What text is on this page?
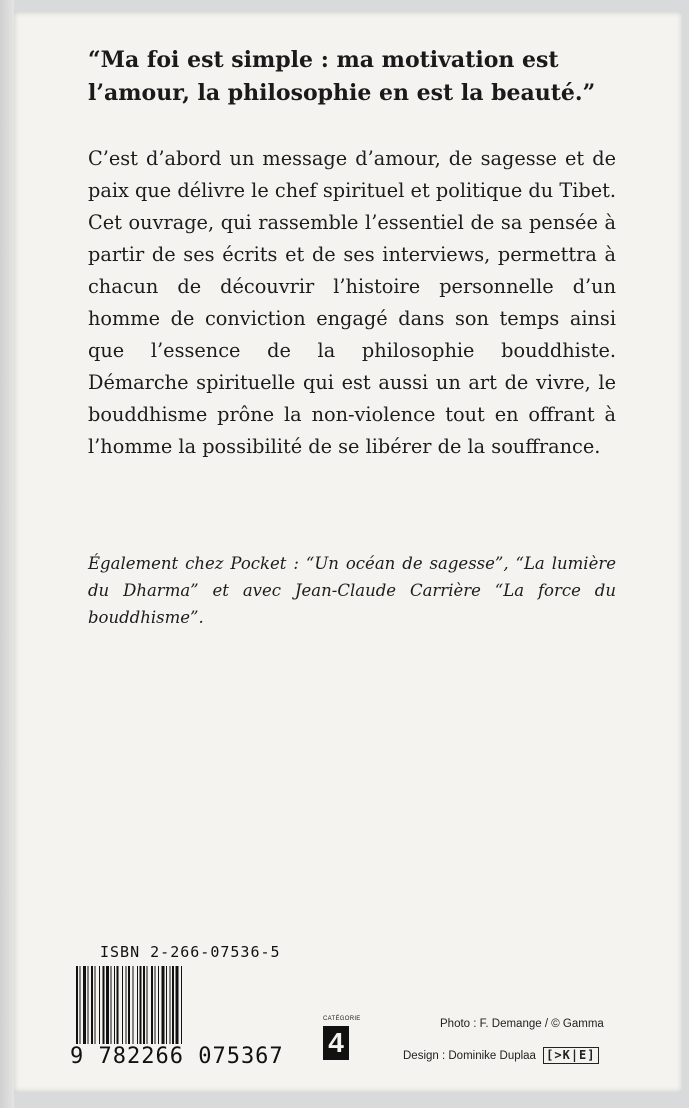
“Ma foi est simple : ma motivation est l’amour, la philosophie en est la beauté.”
C’est d’abord un message d’amour, de sagesse et de paix que délivre le chef spirituel et politique du Tibet. Cet ouvrage, qui rassemble l’essentiel de sa pensée à partir de ses écrits et de ses interviews, permettra à chacun de découvrir l’histoire personnelle d’un homme de conviction engagé dans son temps ainsi que l’essence de la philosophie bouddhiste. Démarche spirituelle qui est aussi un art de vivre, le bouddhisme prône la non-violence tout en offrant à l’homme la possibilité de se libérer de la souffrance.
Également chez Pocket : “Un océan de sagesse”, “La lumière du Dharma” et avec Jean-Claude Carrière “La force du bouddhisme”.
ISBN 2-266-07536-5
9 782266 075367
CATÉGORIE
4
Photo : F. Demange / © Gamma
Design : Dominike Duplaa [>K|E]
